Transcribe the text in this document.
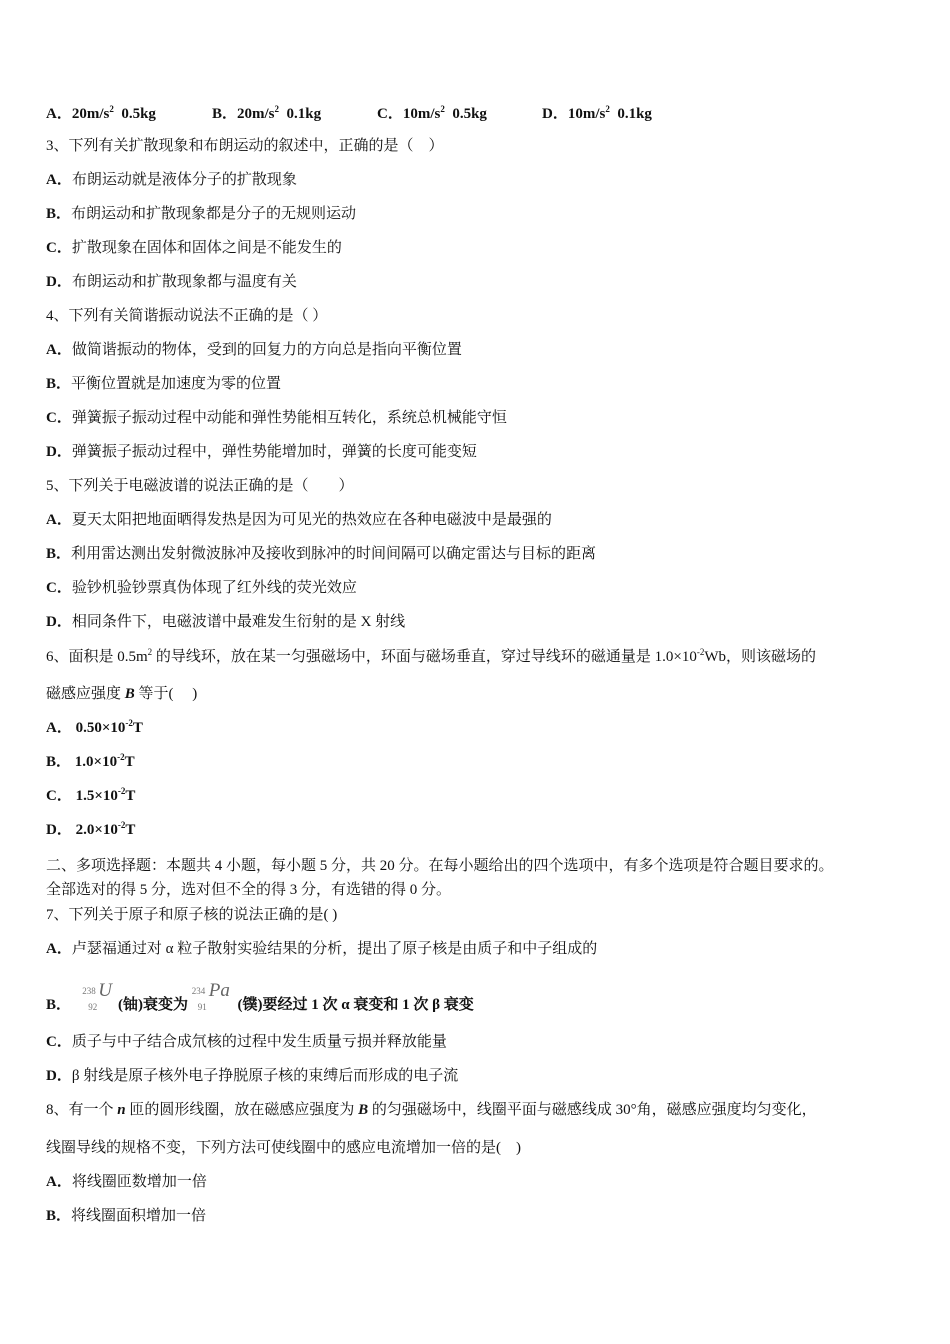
A．$20m/s^2$ 0.5kg	B．$20m/s^2$ 0.1kg	C．$10m/s^2$ 0.5kg	D．$10m/s^2$ 0.1kg
3、下列有关扩散现象和布朗运动的叙述中，正确的是（　）
A．布朗运动就是液体分子的扩散现象
B．布朗运动和扩散现象都是分子的无规则运动
C．扩散现象在固体和固体之间是不能发生的
D．布朗运动和扩散现象都与温度有关
4、下列有关简谐振动说法不正确的是（ ）
A．做简谐振动的物体，受到的回复力的方向总是指向平衡位置
B．平衡位置就是加速度为零的位置
C．弹簧振子振动过程中动能和弹性势能相互转化，系统总机械能守恒
D．弹簧振子振动过程中，弹性势能增加时，弹簧的长度可能变短
5、下列关于电磁波谱的说法正确的是（　　）
A．夏天太阳把地面晒得发热是因为可见光的热效应在各种电磁波中是最强的
B．利用雷达测出发射微波脉冲及接收到脉冲的时间间隔可以确定雷达与目标的距离
C．验钞机验钞票真伪体现了红外线的荧光效应
D．相同条件下，电磁波谱中最难发生衍射的是 X 射线
6、面积是 $0.5m^2$ 的导线环，放在某一匀强磁场中，环面与磁场垂直，穿过导线环的磁通量是 $1.0\times 10^{-2}Wb$，则该磁场的
磁感应强度 B 等于(　 )
A． $0.50\times 10^{-2}T$
B． $1.0\times 10^{-2}T$
C． $1.5\times 10^{-2}T$
D． $2.0\times 10^{-2}T$
二、多项选择题：本题共 4 小题，每小题 5 分，共 20 分。在每小题给出的四个选项中，有多个选项是符合题目要求的。
全部选对的得 5 分，选对但不全的得 3 分，有选错的得 0 分。
7、下列关于原子和原子核的说法正确的是( )
A．卢瑟福通过对 α 粒子散射实验结果的分析，提出了原子核是由质子和中子组成的
B．
238
92
U
(铀)衰变为
234
91
Pa
(镤)要经过 1 次 α 衰变和 1 次 β 衰变
C．质子与中子结合成氘核的过程中发生质量亏损并释放能量
D．β 射线是原子核外电子挣脱原子核的束缚后而形成的电子流
8、有一个 n 匝的圆形线圈，放在磁感应强度为 B 的匀强磁场中，线圈平面与磁感线成 30°角，磁感应强度均匀变化，
线圈导线的规格不变，下列方法可使线圈中的感应电流增加一倍的是(　)
A．将线圈匝数增加一倍
B．将线圈面积增加一倍
